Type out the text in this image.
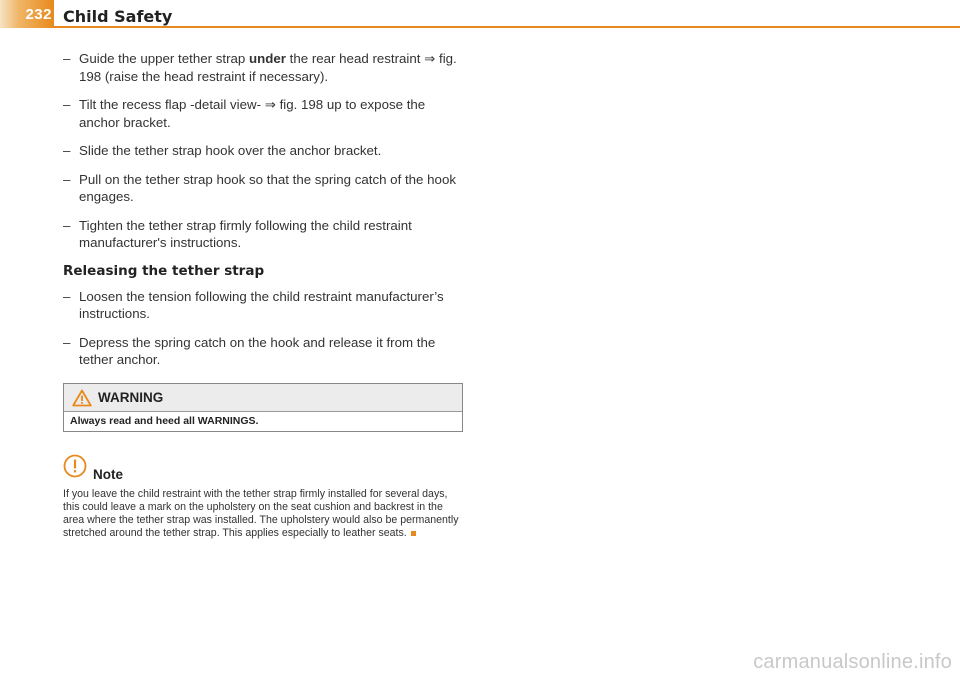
232 Child Safety
– Guide the upper tether strap under the rear head restraint ⇒ fig. 198 (raise the head restraint if necessary).
– Tilt the recess flap -detail view- ⇒ fig. 198 up to expose the anchor bracket.
– Slide the tether strap hook over the anchor bracket.
– Pull on the tether strap hook so that the spring catch of the hook engages.
– Tighten the tether strap firmly following the child restraint manufacturer's instructions.
Releasing the tether strap
– Loosen the tension following the child restraint manufacturer’s instructions.
– Depress the spring catch on the hook and release it from the tether anchor.
WARNING
Always read and heed all WARNINGS.
Note
If you leave the child restraint with the tether strap firmly installed for several days, this could leave a mark on the upholstery on the seat cushion and backrest in the area where the tether strap was installed. The upholstery would also be permanently stretched around the tether strap. This applies especially to leather seats.
carmanualsonline.info
